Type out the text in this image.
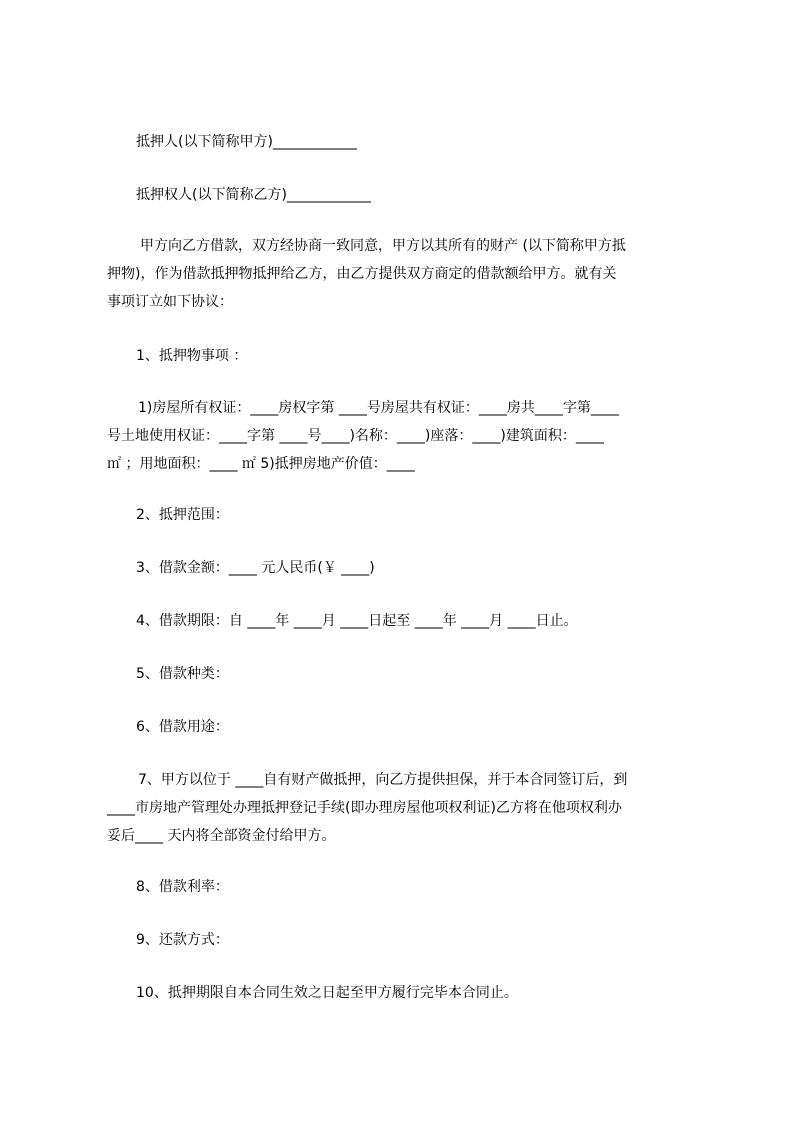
抵押人(以下简称甲方)____________
抵押权人(以下简称乙方)____________
甲方向乙方借款，双方经协商一致同意，甲方以其所有的财产 (以下简称甲方抵
押物)，作为借款抵押物抵押给乙方，由乙方提供双方商定的借款额给甲方。就有关
事项订立如下协议：
1、抵押物事项 ：
1)房屋所有权证：____房权字第 ____号房屋共有权证：____房共____字第____
号土地使用权证：____字第 ____号____)名称：____)座落：____)建筑面积：____
㎡ ；用地面积：____ ㎡ 5)抵押房地产价值：____
2、抵押范围：
3、借款金额：____ 元人民币(￥ ____)
4、借款期限：自 ____年 ____月 ____日起至 ____年 ____月 ____日止。
5、借款种类：
6、借款用途：
7、甲方以位于 ____自有财产做抵押，向乙方提供担保，并于本合同签订后，到
____市房地产管理处办理抵押登记手续(即办理房屋他项权利证)乙方将在他项权利办
妥后____ 天内将全部资金付给甲方。
8、借款利率：
9、还款方式：
10、抵押期限自本合同生效之日起至甲方履行完毕本合同止。
